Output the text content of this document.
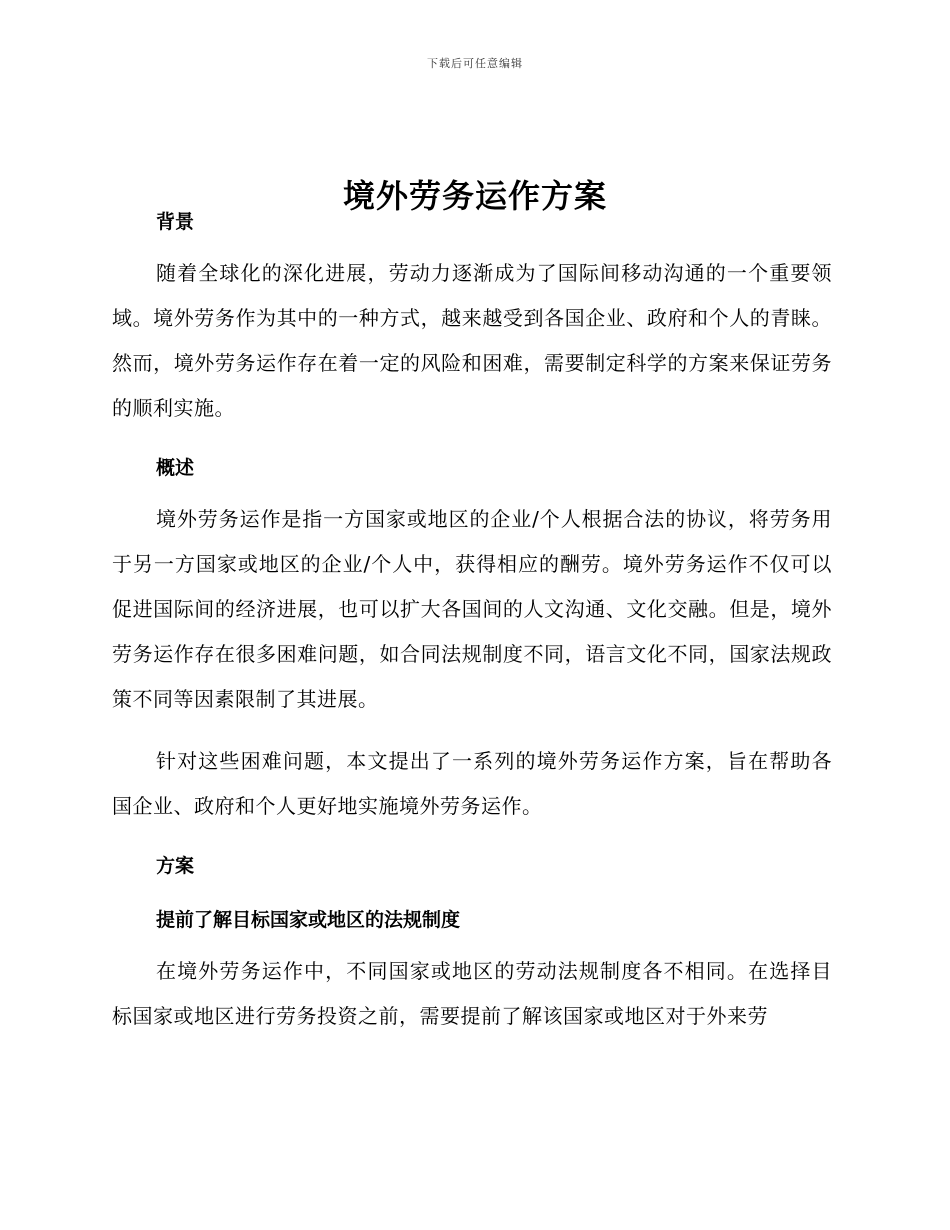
下载后可任意编辑
境外劳务运作方案

背景

随着全球化的深化进展，劳动力逐渐成为了国际间移动沟通的一个重要领域。境外劳务作为其中的一种方式，越来越受到各国企业、政府和个人的青睐。然而，境外劳务运作存在着一定的风险和困难，需要制定科学的方案来保证劳务的顺利实施。

概述

境外劳务运作是指一方国家或地区的企业/个人根据合法的协议，将劳务用于另一方国家或地区的企业/个人中，获得相应的酬劳。境外劳务运作不仅可以促进国际间的经济进展，也可以扩大各国间的人文沟通、文化交融。但是，境外劳务运作存在很多困难问题，如合同法规制度不同，语言文化不同，国家法规政策不同等因素限制了其进展。

针对这些困难问题，本文提出了一系列的境外劳务运作方案，旨在帮助各国企业、政府和个人更好地实施境外劳务运作。

方案

提前了解目标国家或地区的法规制度

在境外劳务运作中，不同国家或地区的劳动法规制度各不相同。在选择目标国家或地区进行劳务投资之前，需要提前了解该国家或地区对于外来劳
